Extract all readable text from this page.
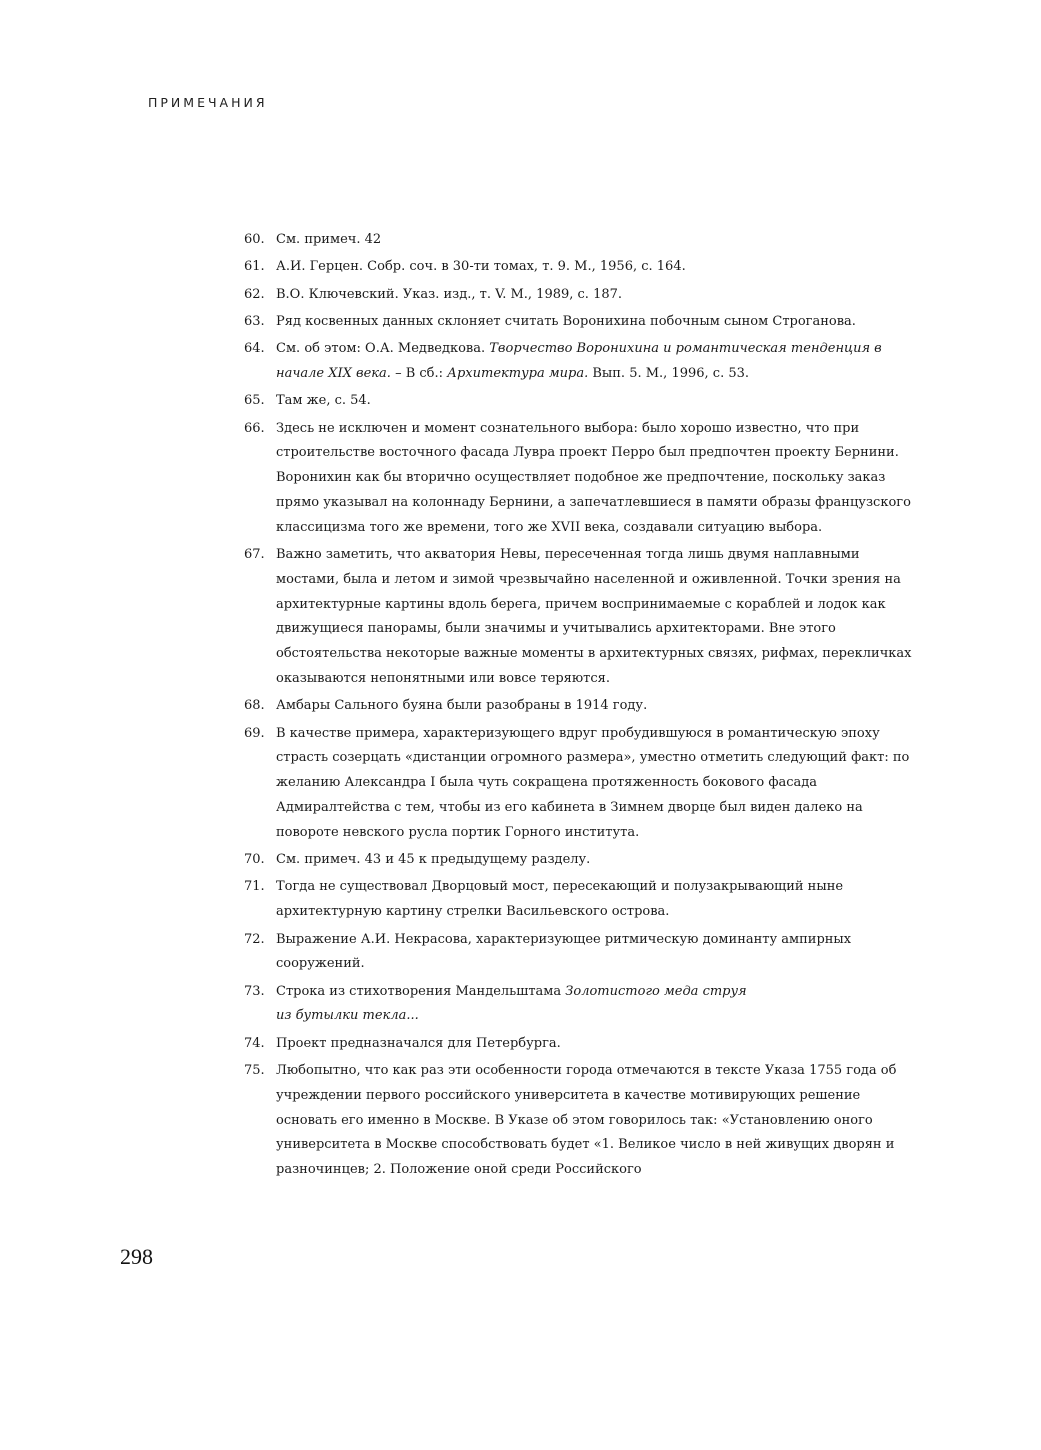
ПРИМЕЧАНИЯ
60. См. примеч. 42
61. А.И. Герцен. Собр. соч. в 30-ти томах, т. 9. М., 1956, с. 164.
62. В.О. Ключевский. Указ. изд., т. V. М., 1989, с. 187.
63. Ряд косвенных данных склоняет считать Воронихина побочным сыном Строганова.
64. См. об этом: О.А. Медведкова. Творчество Воронихина и романтическая тенденция в начале XIX века. – В сб.: Архитектура мира. Вып. 5. М., 1996, с. 53.
65. Там же, с. 54.
66. Здесь не исключен и момент сознательного выбора: было хорошо известно, что при строительстве восточного фасада Лувра проект Перро был предпочтен проекту Бернини. Воронихин как бы вторично осуществляет подобное же предпочтение, поскольку заказ прямо указывал на колоннаду Бернини, а запечатлевшиеся в памяти образы французского классицизма того же времени, того же XVII века, создавали ситуацию выбора.
67. Важно заметить, что акватория Невы, пересеченная тогда лишь двумя наплавными мостами, была и летом и зимой чрезвычайно населенной и оживленной. Точки зрения на архитектурные картины вдоль берега, причем воспринимаемые с кораблей и лодок как движущиеся панорамы, были значимы и учитывались архитекторами. Вне этого обстоятельства некоторые важные моменты в архитектурных связях, рифмах, перекличках оказываются непонятными или вовсе теряются.
68. Амбары Сального буяна были разобраны в 1914 году.
69. В качестве примера, характеризующего вдруг пробудившуюся в романтическую эпоху страсть созерцать «дистанции огромного размера», уместно отметить следующий факт: по желанию Александра I была чуть сокращена протяженность бокового фасада Адмиралтейства с тем, чтобы из его кабинета в Зимнем дворце был виден далеко на повороте невского русла портик Горного института.
70. См. примеч. 43 и 45 к предыдущему разделу.
71. Тогда не существовал Дворцовый мост, пересекающий и полузакрывающий ныне архитектурную картину стрелки Васильевского острова.
72. Выражение А.И. Некрасова, характеризующее ритмическую доминанту ампирных сооружений.
73. Строка из стихотворения Мандельштама Золотистого меда струя
из бутылки текла...
74. Проект предназначался для Петербурга.
75. Любопытно, что как раз эти особенности города отмечаются в тексте Указа 1755 года об учреждении первого российского университета в качестве мотивирующих решение основать его именно в Москве. В Указе об этом говорилось так: «Установлению оного университета в Москве способствовать будет «1. Великое число в ней живущих дворян и разночинцев; 2. Положение оной среди Российского
298
